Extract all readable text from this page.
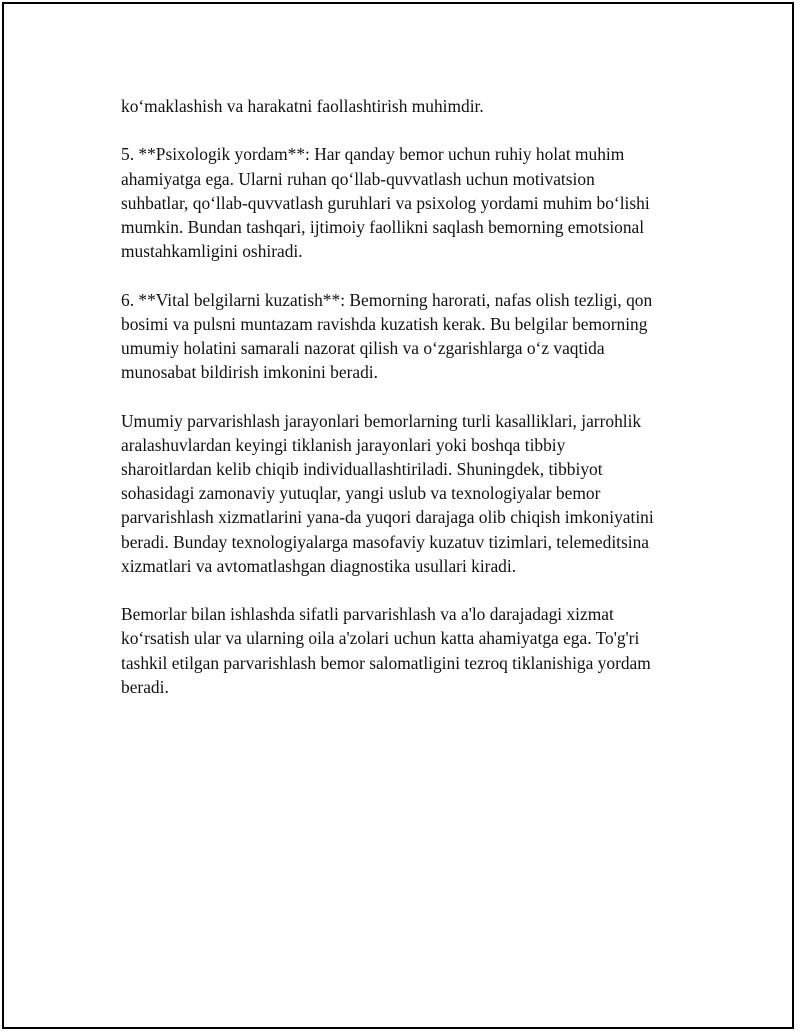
ko‘maklashish va harakatni faollashtirish muhimdir.

5. **Psixologik yordam**: Har qanday bemor uchun ruhiy holat muhim
ahamiyatga ega. Ularni ruhan qo‘llab-quvvatlash uchun motivatsion
suhbatlar, qo‘llab-quvvatlash guruhlari va psixolog yordami muhim bo‘lishi
mumkin. Bundan tashqari, ijtimoiy faollikni saqlash bemorning emotsional
mustahkamligini oshiradi.

6. **Vital belgilarni kuzatish**: Bemorning harorati, nafas olish tezligi, qon
bosimi va pulsni muntazam ravishda kuzatish kerak. Bu belgilar bemorning
umumiy holatini samarali nazorat qilish va o‘zgarishlarga o‘z vaqtida
munosabat bildirish imkonini beradi.

Umumiy parvarishlash jarayonlari bemorlarning turli kasalliklari, jarrohlik
aralashuvlardan keyingi tiklanish jarayonlari yoki boshqa tibbiy
sharoitlardan kelib chiqib individuallashtiriladi. Shuningdek, tibbiyot
sohasidagi zamonaviy yutuqlar, yangi uslub va texnologiyalar bemor
parvarishlash xizmatlarini yana-da yuqori darajaga olib chiqish imkoniyatini
beradi. Bunday texnologiyalarga masofaviy kuzatuv tizimlari, telemeditsina
xizmatlari va avtomatlashgan diagnostika usullari kiradi.

Bemorlar bilan ishlashda sifatli parvarishlash va a'lo darajadagi xizmat
ko‘rsatish ular va ularning oila a'zolari uchun katta ahamiyatga ega. To'g'ri
tashkil etilgan parvarishlash bemor salomatligini tezroq tiklanishiga yordam
beradi.
